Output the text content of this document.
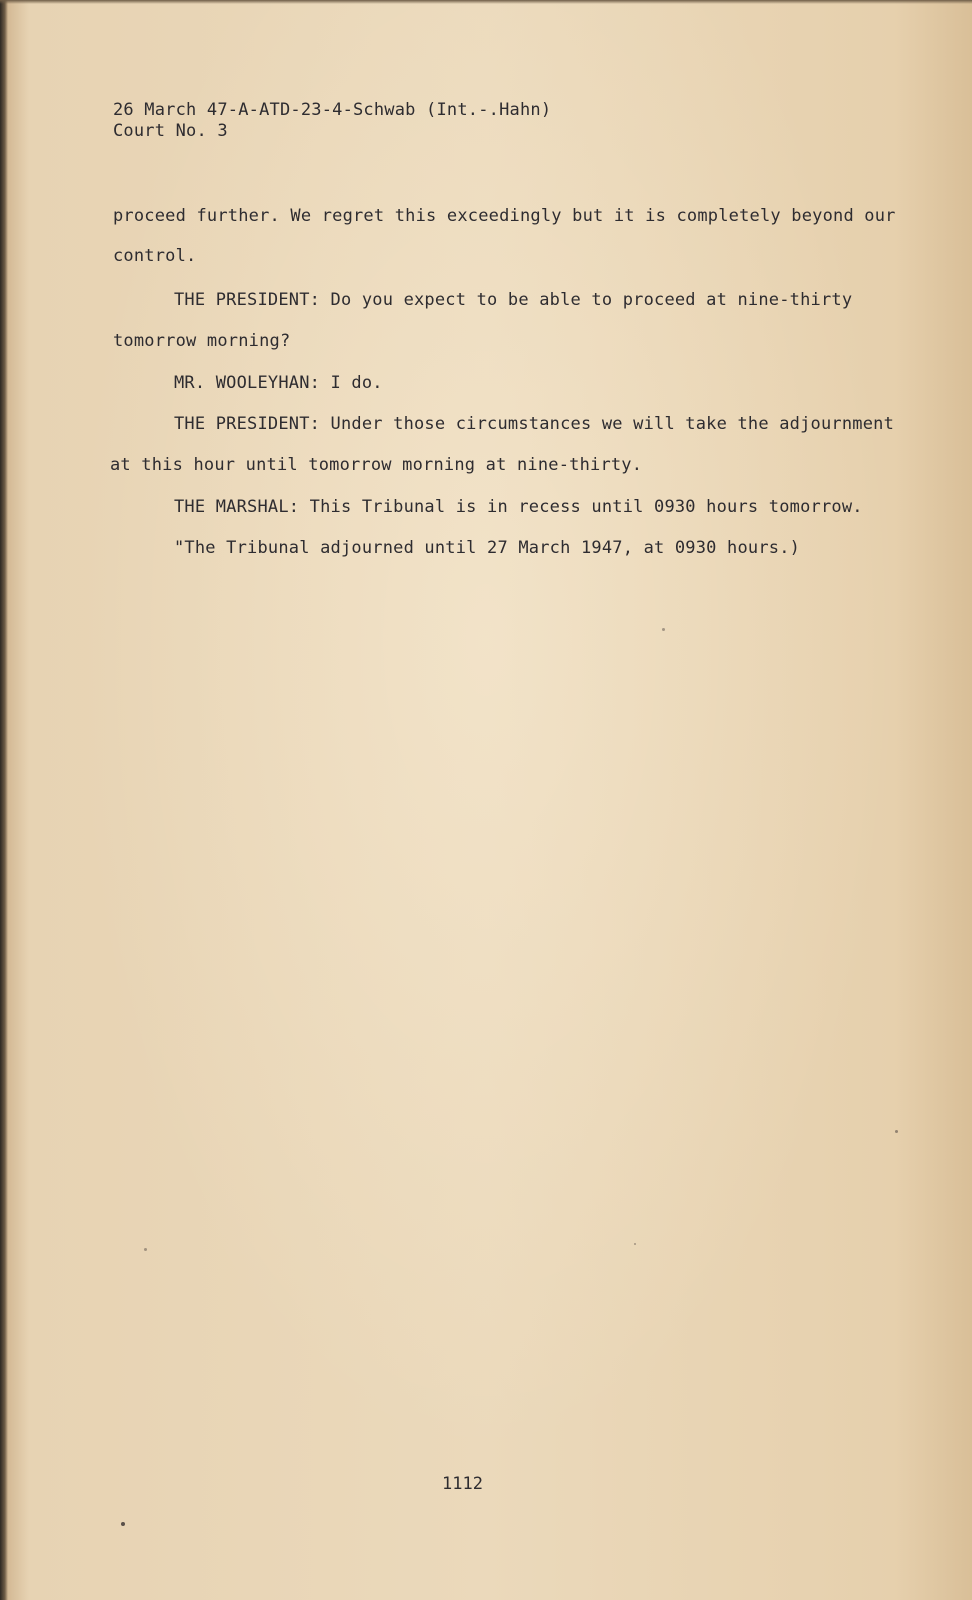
26 March 47-A-ATD-23-4-Schwab (Int.-.Hahn)
Court No. 3
proceed further. We regret this exceedingly but it is completely beyond our
control.
THE PRESIDENT: Do you expect to be able to proceed at nine-thirty
tomorrow morning?
MR. WOOLEYHAN: I do.
THE PRESIDENT: Under those circumstances we will take the adjournment
at this hour until tomorrow morning at nine-thirty.
THE MARSHAL: This Tribunal is in recess until 0930 hours tomorrow.
"The Tribunal adjourned until 27 March 1947, at 0930 hours.)
1112
